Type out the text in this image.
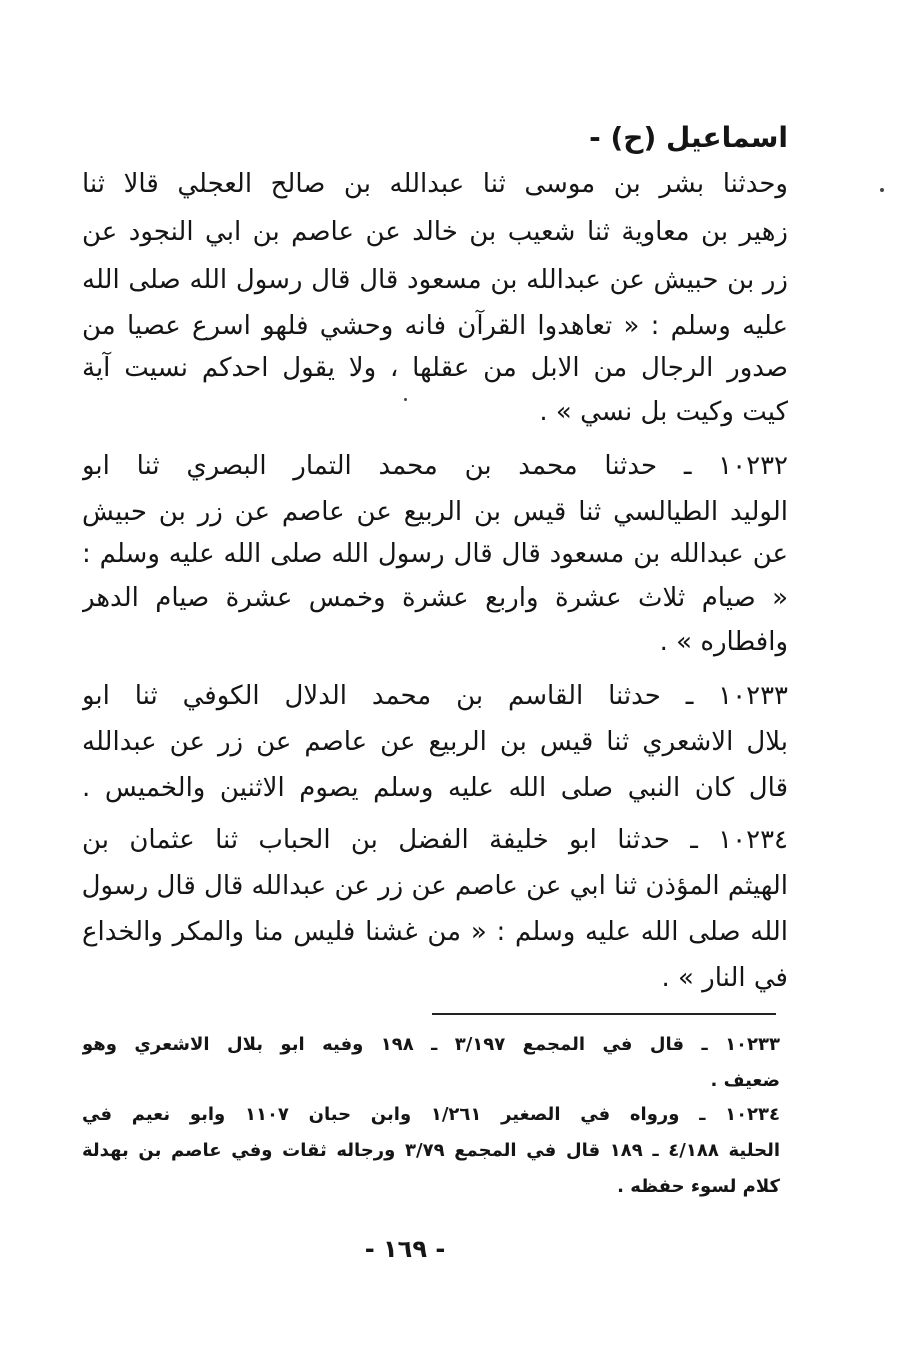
اسماعيل (ح) -
وحدثنا بشر بن موسى ثنا عبدالله بن صالح العجلي قالا ثنا
زهير بن معاوية ثنا شعيب بن خالد عن عاصم بن ابي النجود عن
زر بن حبيش عن عبدالله بن مسعود قال قال رسول الله صلى الله
عليه وسلم : « تعاهدوا القرآن فانه وحشي فلهو اسرع عصيا من
صدور الرجال من الابل من عقلها ، ولا يقول احدكم نسيت آية
كيت وكيت بل نسي » .
١٠٢٣٢ ـ حدثنا محمد بن محمد التمار البصري ثنا ابو
الوليد الطيالسي ثنا قيس بن الربيع عن عاصم عن زر بن حبيش
عن عبدالله بن مسعود قال قال رسول الله صلى الله عليه وسلم :
« صيام ثلاث عشرة واربع عشرة وخمس عشرة صيام الدهر
وافطاره » .
١٠٢٣٣ ـ حدثنا القاسم بن محمد الدلال الكوفي ثنا ابو
بلال الاشعري ثنا قيس بن الربيع عن عاصم عن زر عن عبدالله
قال كان النبي صلى الله عليه وسلم يصوم الاثنين والخميس .
١٠٢٣٤ ـ حدثنا ابو خليفة الفضل بن الحباب ثنا عثمان بن
الهيثم المؤذن ثنا ابي عن عاصم عن زر عن عبدالله قال قال رسول
الله صلى الله عليه وسلم : « من غشنا فليس منا والمكر والخداع
في النار » .
١٠٢٣٣ ـ قال في المجمع ٣/١٩٧ ـ ١٩٨ وفيه ابو بلال الاشعري وهو
ضعيف .
١٠٢٣٤ ـ ورواه في الصغير ١/٢٦١ وابن حبان ١١٠٧ وابو نعيم في
الحلية ٤/١٨٨ ـ ١٨٩ قال في المجمع ٣/٧٩ ورجاله ثقات وفي عاصم بن بهدلة
كلام لسوء حفظه .
- ١٦٩ -
